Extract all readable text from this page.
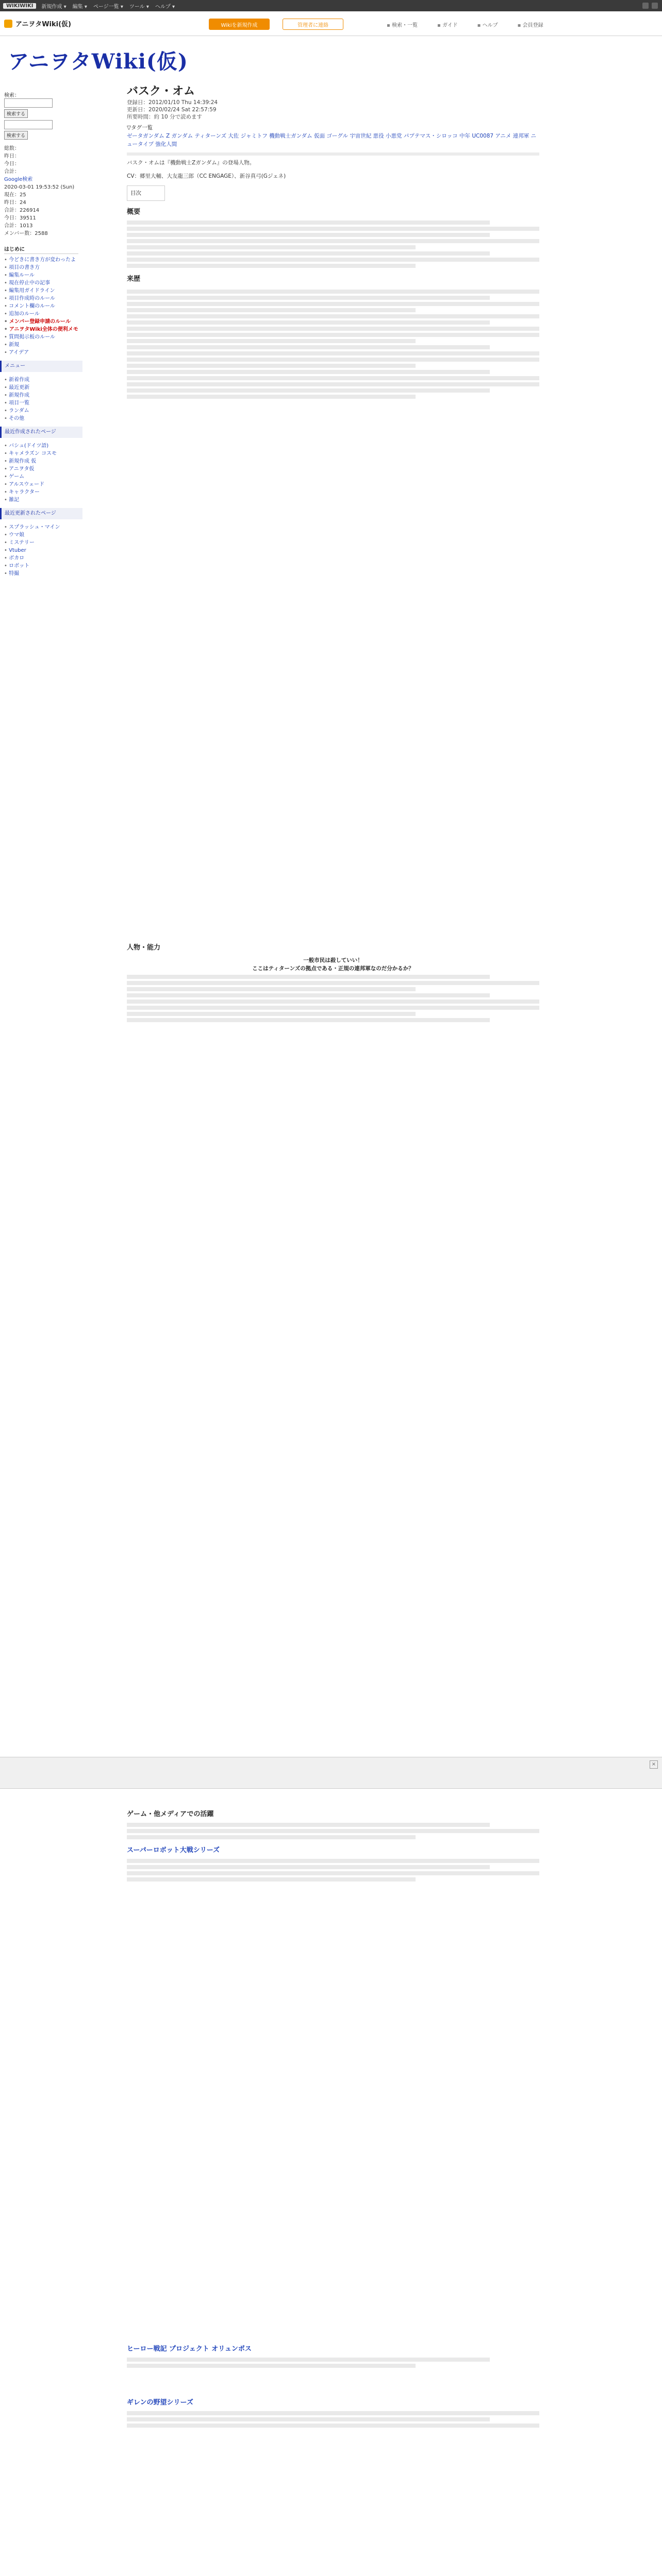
WIKIWIKI	新規作成 ▾ 編集 ▾ ページ一覧 ▾ ツール ▾ ヘルプ ▾
アニヲタWiki(仮)	Wikiを新規作成	管理者に連絡	▪ 検索・一覧	▪ ガイド	▪ ヘルプ	▪ 会員登録
アニヲタWiki(仮)
検索：
検索する
検索する
総数：
昨日：
今日：
合計：
Google検索
2020-03-01 19:53:52 (Sun)
現在：25
昨日：24
合計：226914
今日：39511
合計：1013
メンバー数：2588
はじめに
• 今どきに書き方が変わったよ
• 項目の書き方
• 編集ルール
• 現在停止中の記事
• 編集用ガイドライン
• 項目作成時のルール
• コメント欄のルール
• 追加のルール
• メンバー登録申請のルール
• アニヲタWiki全体の便利メモ
• 質問掲示板のルール
• 新規
• アイデア
メニュー
• 新着作成
• 最近更新
• 新規作成
• 項目一覧
• ランダム
• その他
最近作成されたページ
• バシュ(ドイツ語)
• キャメラズン コスモ
• 新規作成 仮
• アニヲタ仮
• ゲーム
• アルスウェード
• キャラクター
• 雑記
最近更新されたページ
• スプラッシュ・マイン
• ウマ娘
• ミステリー
• Vtuber
• ボカロ
• ロボット
• 特撮
バスク・オム
登録日：2012/01/10 Thu 14:39:24
更新日：2020/02/24 Sat 22:57:59
所要時間：約 10 分で読めます
▽タグ一覧
ゼータガンダム Z ガンダム ティターンズ 大佐 ジャミトフ 機動戦士ガンダム 仮面 ゴーグル 宇宙世紀 悪役 小悪党 パプテマス・シロッコ 中年 UC0087 アニメ 連邦軍 ニュータイプ 強化人間
バスク・オムは『機動戦士Zガンダム』の登場人物。
CV：郷里大輔、大友龍三郎（CC ENGAGE）、新谷真弓(Gジェネ)
目次
概要
来歴
人物・能力
一般市民は殺していい！
ここはティターンズの拠点である・正規の連邦軍なのだ分かるか？
×
ゲーム・他メディアでの活躍
スーパーロボット大戦シリーズ
ヒーロー戦記 プロジェクト オリュンポス
ギレンの野望シリーズ
